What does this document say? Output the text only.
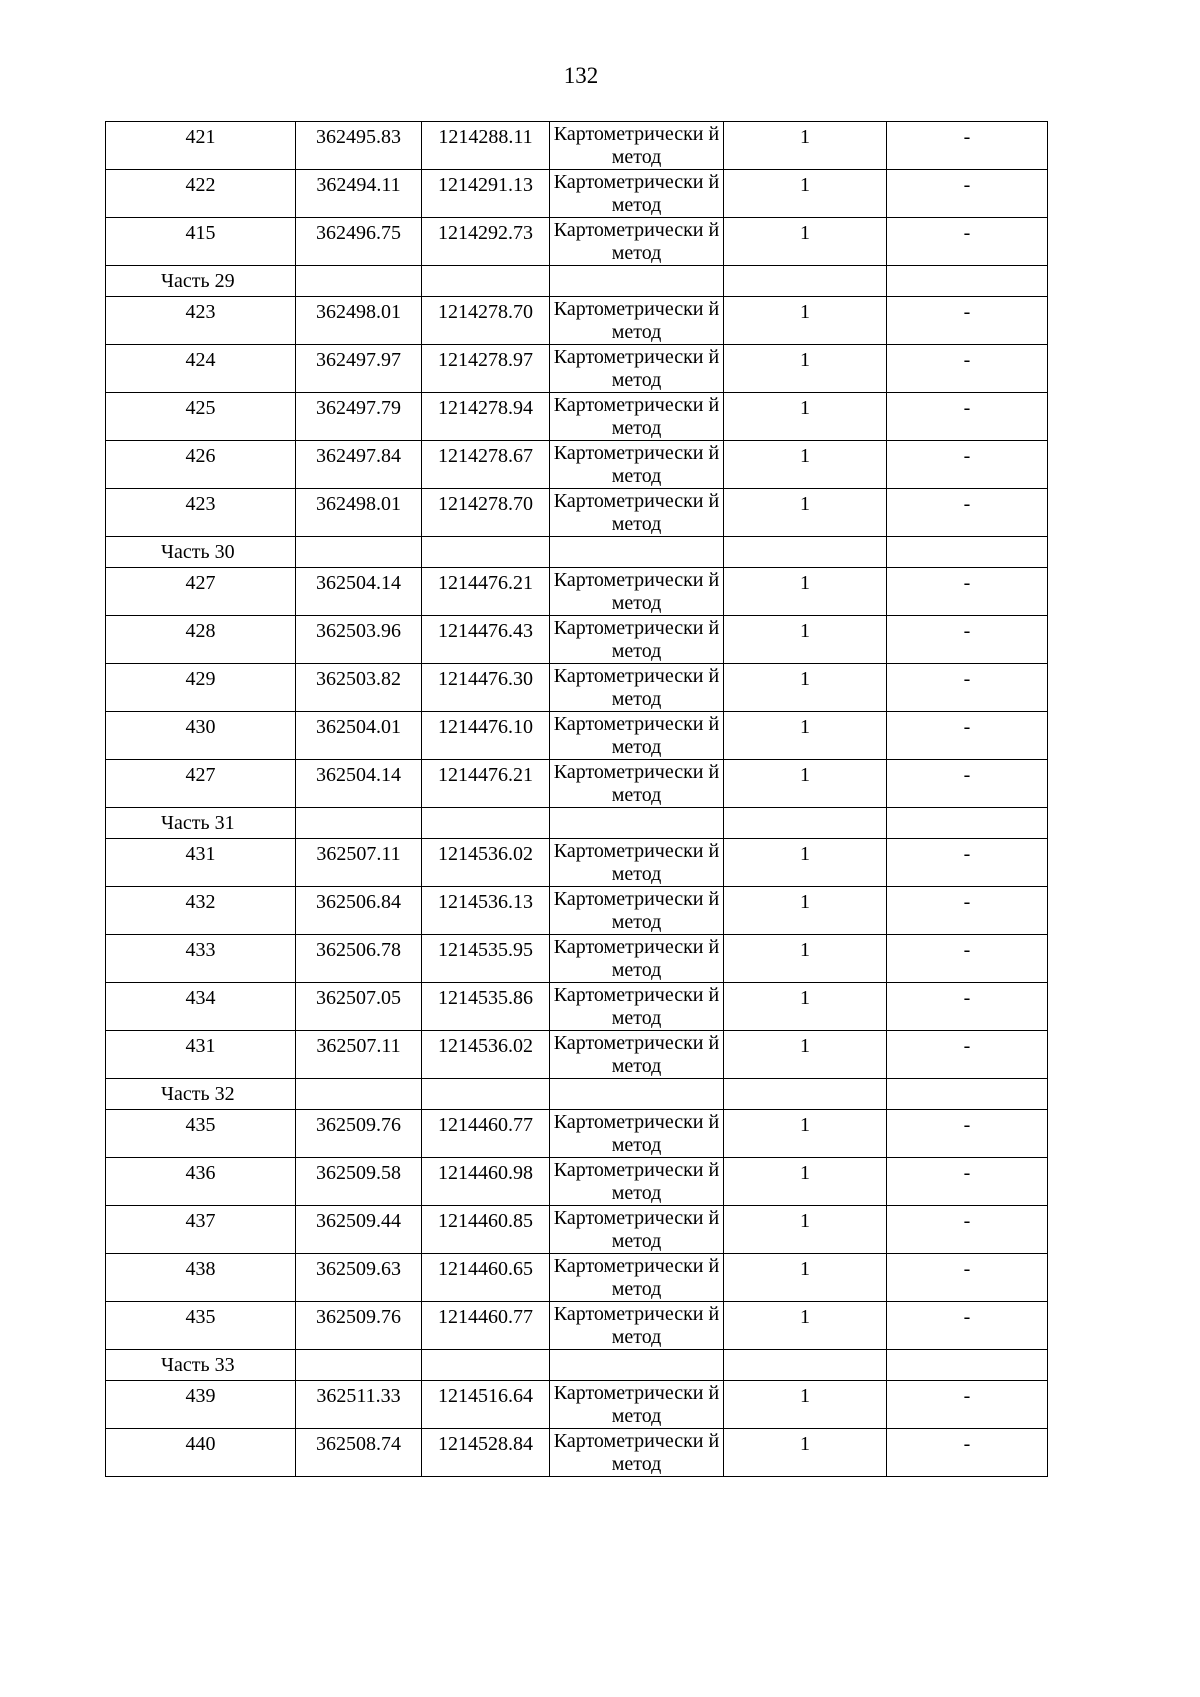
132
421	362495.83	1214288.11	Картометрически й метод	1	-

422	362494.11	1214291.13	Картометрически й метод	1	-

415	362496.75	1214292.73	Картометрически й метод	1	-

Часть 29					

423	362498.01	1214278.70	Картометрически й метод	1	-

424	362497.97	1214278.97	Картометрически й метод	1	-

425	362497.79	1214278.94	Картометрически й метод	1	-

426	362497.84	1214278.67	Картометрически й метод	1	-

423	362498.01	1214278.70	Картометрически й метод	1	-

Часть 30					

427	362504.14	1214476.21	Картометрически й метод	1	-

428	362503.96	1214476.43	Картометрически й метод	1	-

429	362503.82	1214476.30	Картометрически й метод	1	-

430	362504.01	1214476.10	Картометрически й метод	1	-

427	362504.14	1214476.21	Картометрически й метод	1	-

Часть 31					

431	362507.11	1214536.02	Картометрически й метод	1	-

432	362506.84	1214536.13	Картометрически й метод	1	-

433	362506.78	1214535.95	Картометрически й метод	1	-

434	362507.05	1214535.86	Картометрически й метод	1	-

431	362507.11	1214536.02	Картометрически й метод	1	-

Часть 32					

435	362509.76	1214460.77	Картометрически й метод	1	-

436	362509.58	1214460.98	Картометрически й метод	1	-

437	362509.44	1214460.85	Картометрически й метод	1	-

438	362509.63	1214460.65	Картометрически й метод	1	-

435	362509.76	1214460.77	Картометрически й метод	1	-

Часть 33					

439	362511.33	1214516.64	Картометрически й метод	1	-

440	362508.74	1214528.84	Картометрически й метод	1	-
